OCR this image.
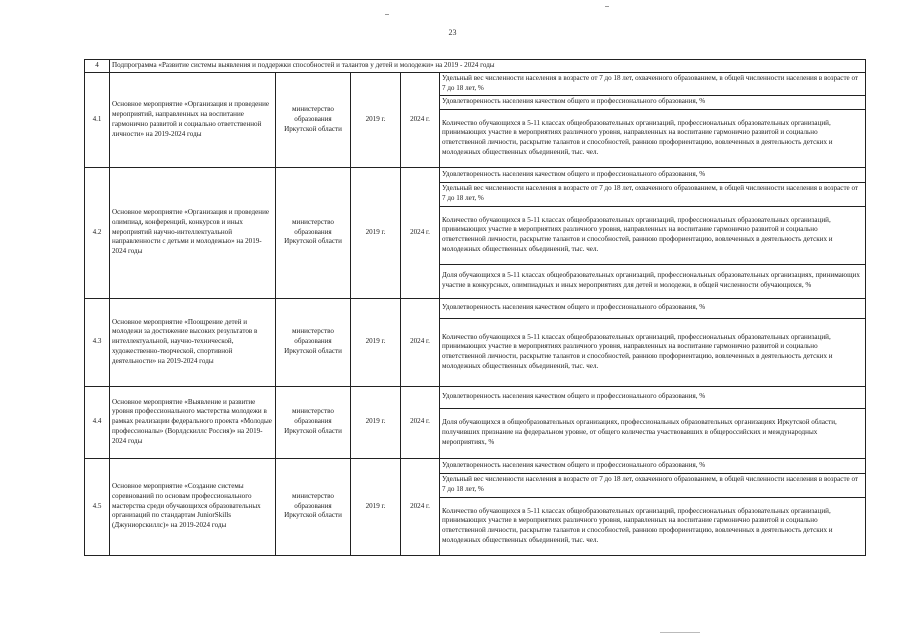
23
4	Подпрограмма «Развитие системы выявления и поддержки способностей и талантов у детей и молодежи» на 2019 - 2024 годы				
4.1	Основное мероприятие «Организация и проведение мероприятий, направленных на воспитание гармонично развитой и социально ответственной личности» на 2019-2024 годы	министерство образования Иркутской области	2019 г.	2024 г.	Удельный вес численности населения в возрасте от 7 до 18 лет, охваченного образованием, в общей численности населения в возрасте от 7 до 18 лет, %
					Удовлетворенность населения качеством общего и профессионального образования, %
					Количество обучающихся в 5-11 классах общеобразовательных организаций, профессиональных образовательных организаций, принимающих участие в мероприятиях различного уровня, направленных на воспитание гармонично развитой и социально ответственной личности, раскрытие талантов и способностей, раннюю профориентацию, вовлеченных в деятельность детских и молодежных общественных объединений, тыс. чел.
4.2	Основное мероприятие «Организация и проведение олимпиад, конференций, конкурсов и иных мероприятий научно-интеллектуальной направленности с детьми и молодежью» на 2019-2024 годы	министерство образования Иркутской области	2019 г.	2024 г.	Удовлетворенность населения качеством общего и профессионального образования, %
					Удельный вес численности населения в возрасте от 7 до 18 лет, охваченного образованием, в общей численности населения в возрасте от 7 до 18 лет, %
					Количество обучающихся в 5-11 классах общеобразовательных организаций, профессиональных образовательных организаций, принимающих участие в мероприятиях различного уровня, направленных на воспитание гармонично развитой и социально ответственной личности, раскрытие талантов и способностей, раннюю профориентацию, вовлеченных в деятельность детских и молодежных общественных объединений, тыс. чел.
					Доля обучающихся в 5-11 классах общеобразовательных организаций, профессиональных образовательных организациях, принимающих участие в конкурсных, олимпиадных и иных мероприятиях для детей и молодежи, в общей численности обучающихся, %
4.3	Основное мероприятие «Поощрение детей и молодежи за достижение высоких результатов в интеллектуальной, научно-технической, художественно-творческой, спортивной деятельности» на 2019-2024 годы	министерство образования Иркутской области	2019 г.	2024 г.	Удовлетворенность населения качеством общего и профессионального образования, %
					Количество обучающихся в 5-11 классах общеобразовательных организаций, профессиональных образовательных организаций, принимающих участие в мероприятиях различного уровня, направленных на воспитание гармонично развитой и социально ответственной личности, раскрытие талантов и способностей, раннюю профориентацию, вовлеченных в деятельность детских и молодежных общественных объединений, тыс. чел.
4.4	Основное мероприятие «Выявление и развитие уровня профессионального мастерства молодежи в рамках реализации федерального проекта «Молодые профессионалы» (Ворлдскиллс Россия)» на 2019-2024 годы	министерство образования Иркутской области	2019 г.	2024 г.	Удовлетворенность населения качеством общего и профессионального образования, %
					Доля обучающихся в общеобразовательных организациях, профессиональных образовательных организациях Иркутской области, получивших признание на федеральном уровне, от общего количества участвовавших в общероссийских и международных мероприятиях, %
4.5	Основное мероприятие «Создание системы соревнований по основам профессионального мастерства среди обучающихся образовательных организаций по стандартам JuniorSkills (Джуниорскиллс)» на 2019-2024 годы	министерство образования Иркутской области	2019 г.	2024 г.	Удовлетворенность населения качеством общего и профессионального образования, %
					Удельный вес численности населения в возрасте от 7 до 18 лет, охваченного образованием, в общей численности населения в возрасте от 7 до 18 лет, %
					Количество обучающихся в 5-11 классах общеобразовательных организаций, профессиональных образовательных организаций, принимающих участие в мероприятиях различного уровня, направленных на воспитание гармонично развитой и социально ответственной личности, раскрытие талантов и способностей, раннюю профориентацию, вовлеченных в деятельность детских и молодежных общественных объединений, тыс. чел.
